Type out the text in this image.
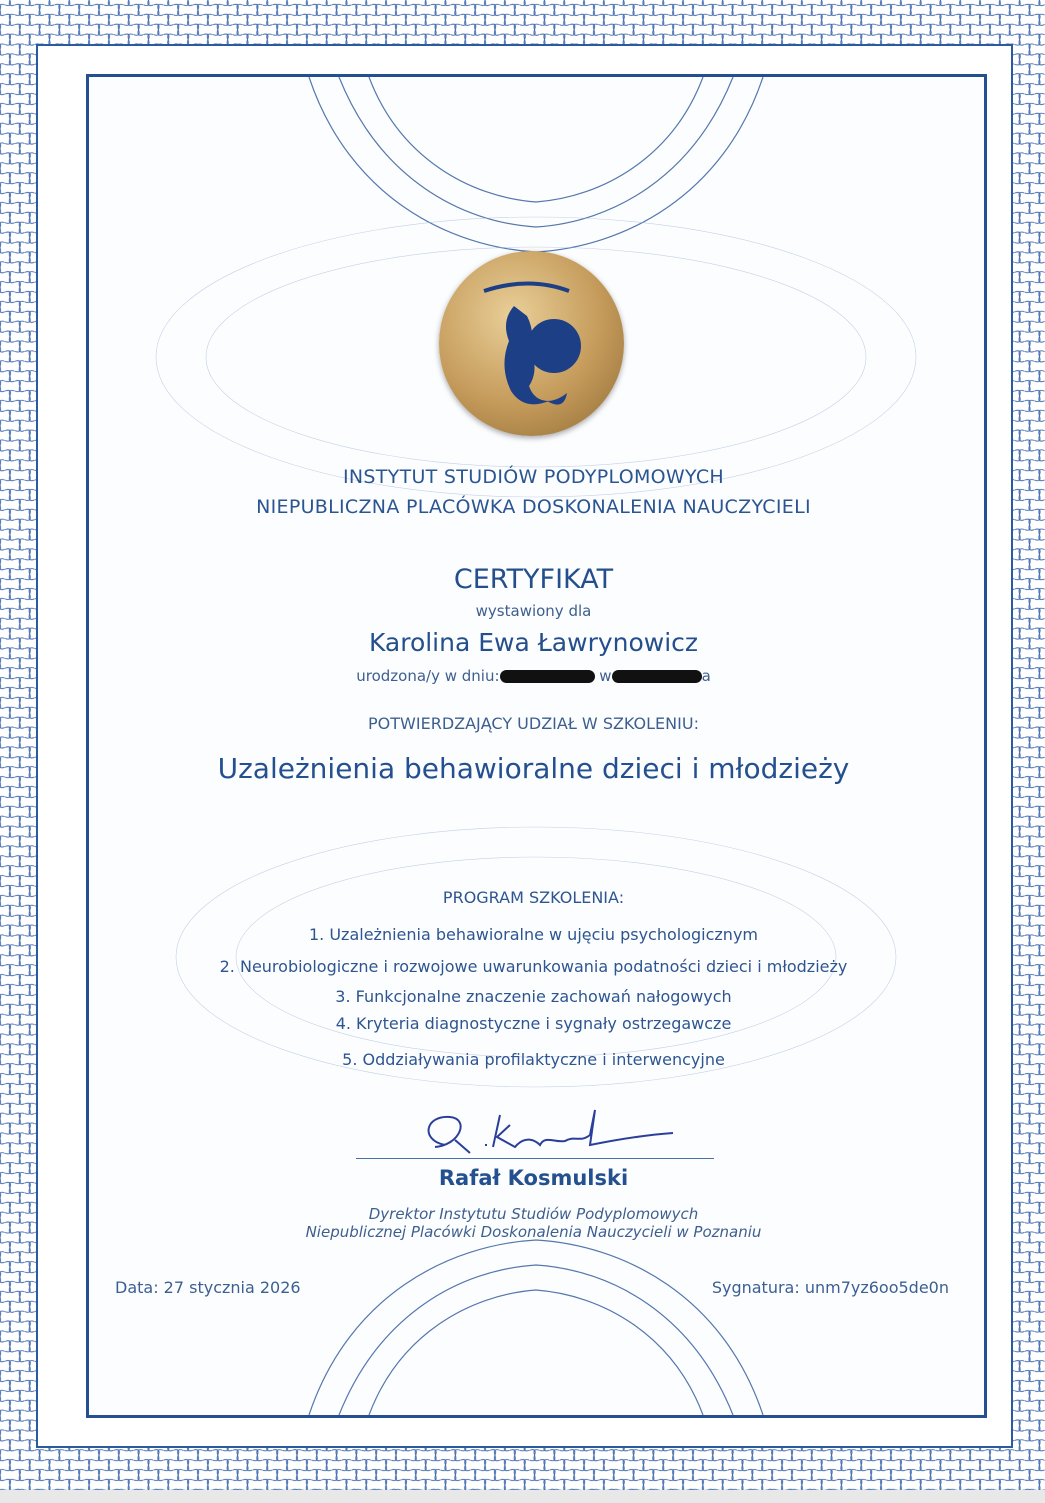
INSTYTUT STUDIÓW PODYPLOMOWYCH
NIEPUBLICZNA PLACÓWKA DOSKONALENIA NAUCZYCIELI
CERTYFIKAT
wystawiony dla
Karolina Ewa Ławrynowicz
urodzona/y w dniu:	w	a
POTWIERDZAJĄCY UDZIAŁ W SZKOLENIU:
Uzależnienia behawioralne dzieci i młodzieży
PROGRAM SZKOLENIA:
1. Uzależnienia behawioralne w ujęciu psychologicznym
2. Neurobiologiczne i rozwojowe uwarunkowania podatności dzieci i młodzieży
3. Funkcjonalne znaczenie zachowań nałogowych
4. Kryteria diagnostyczne i sygnały ostrzegawcze
5. Oddziaływania profilaktyczne i interwencyjne
Rafał Kosmulski
Dyrektor Instytutu Studiów Podyplomowych
Niepublicznej Placówki Doskonalenia Nauczycieli w Poznaniu
Data: 27 stycznia 2026	Sygnatura: unm7yz6oo5de0n
